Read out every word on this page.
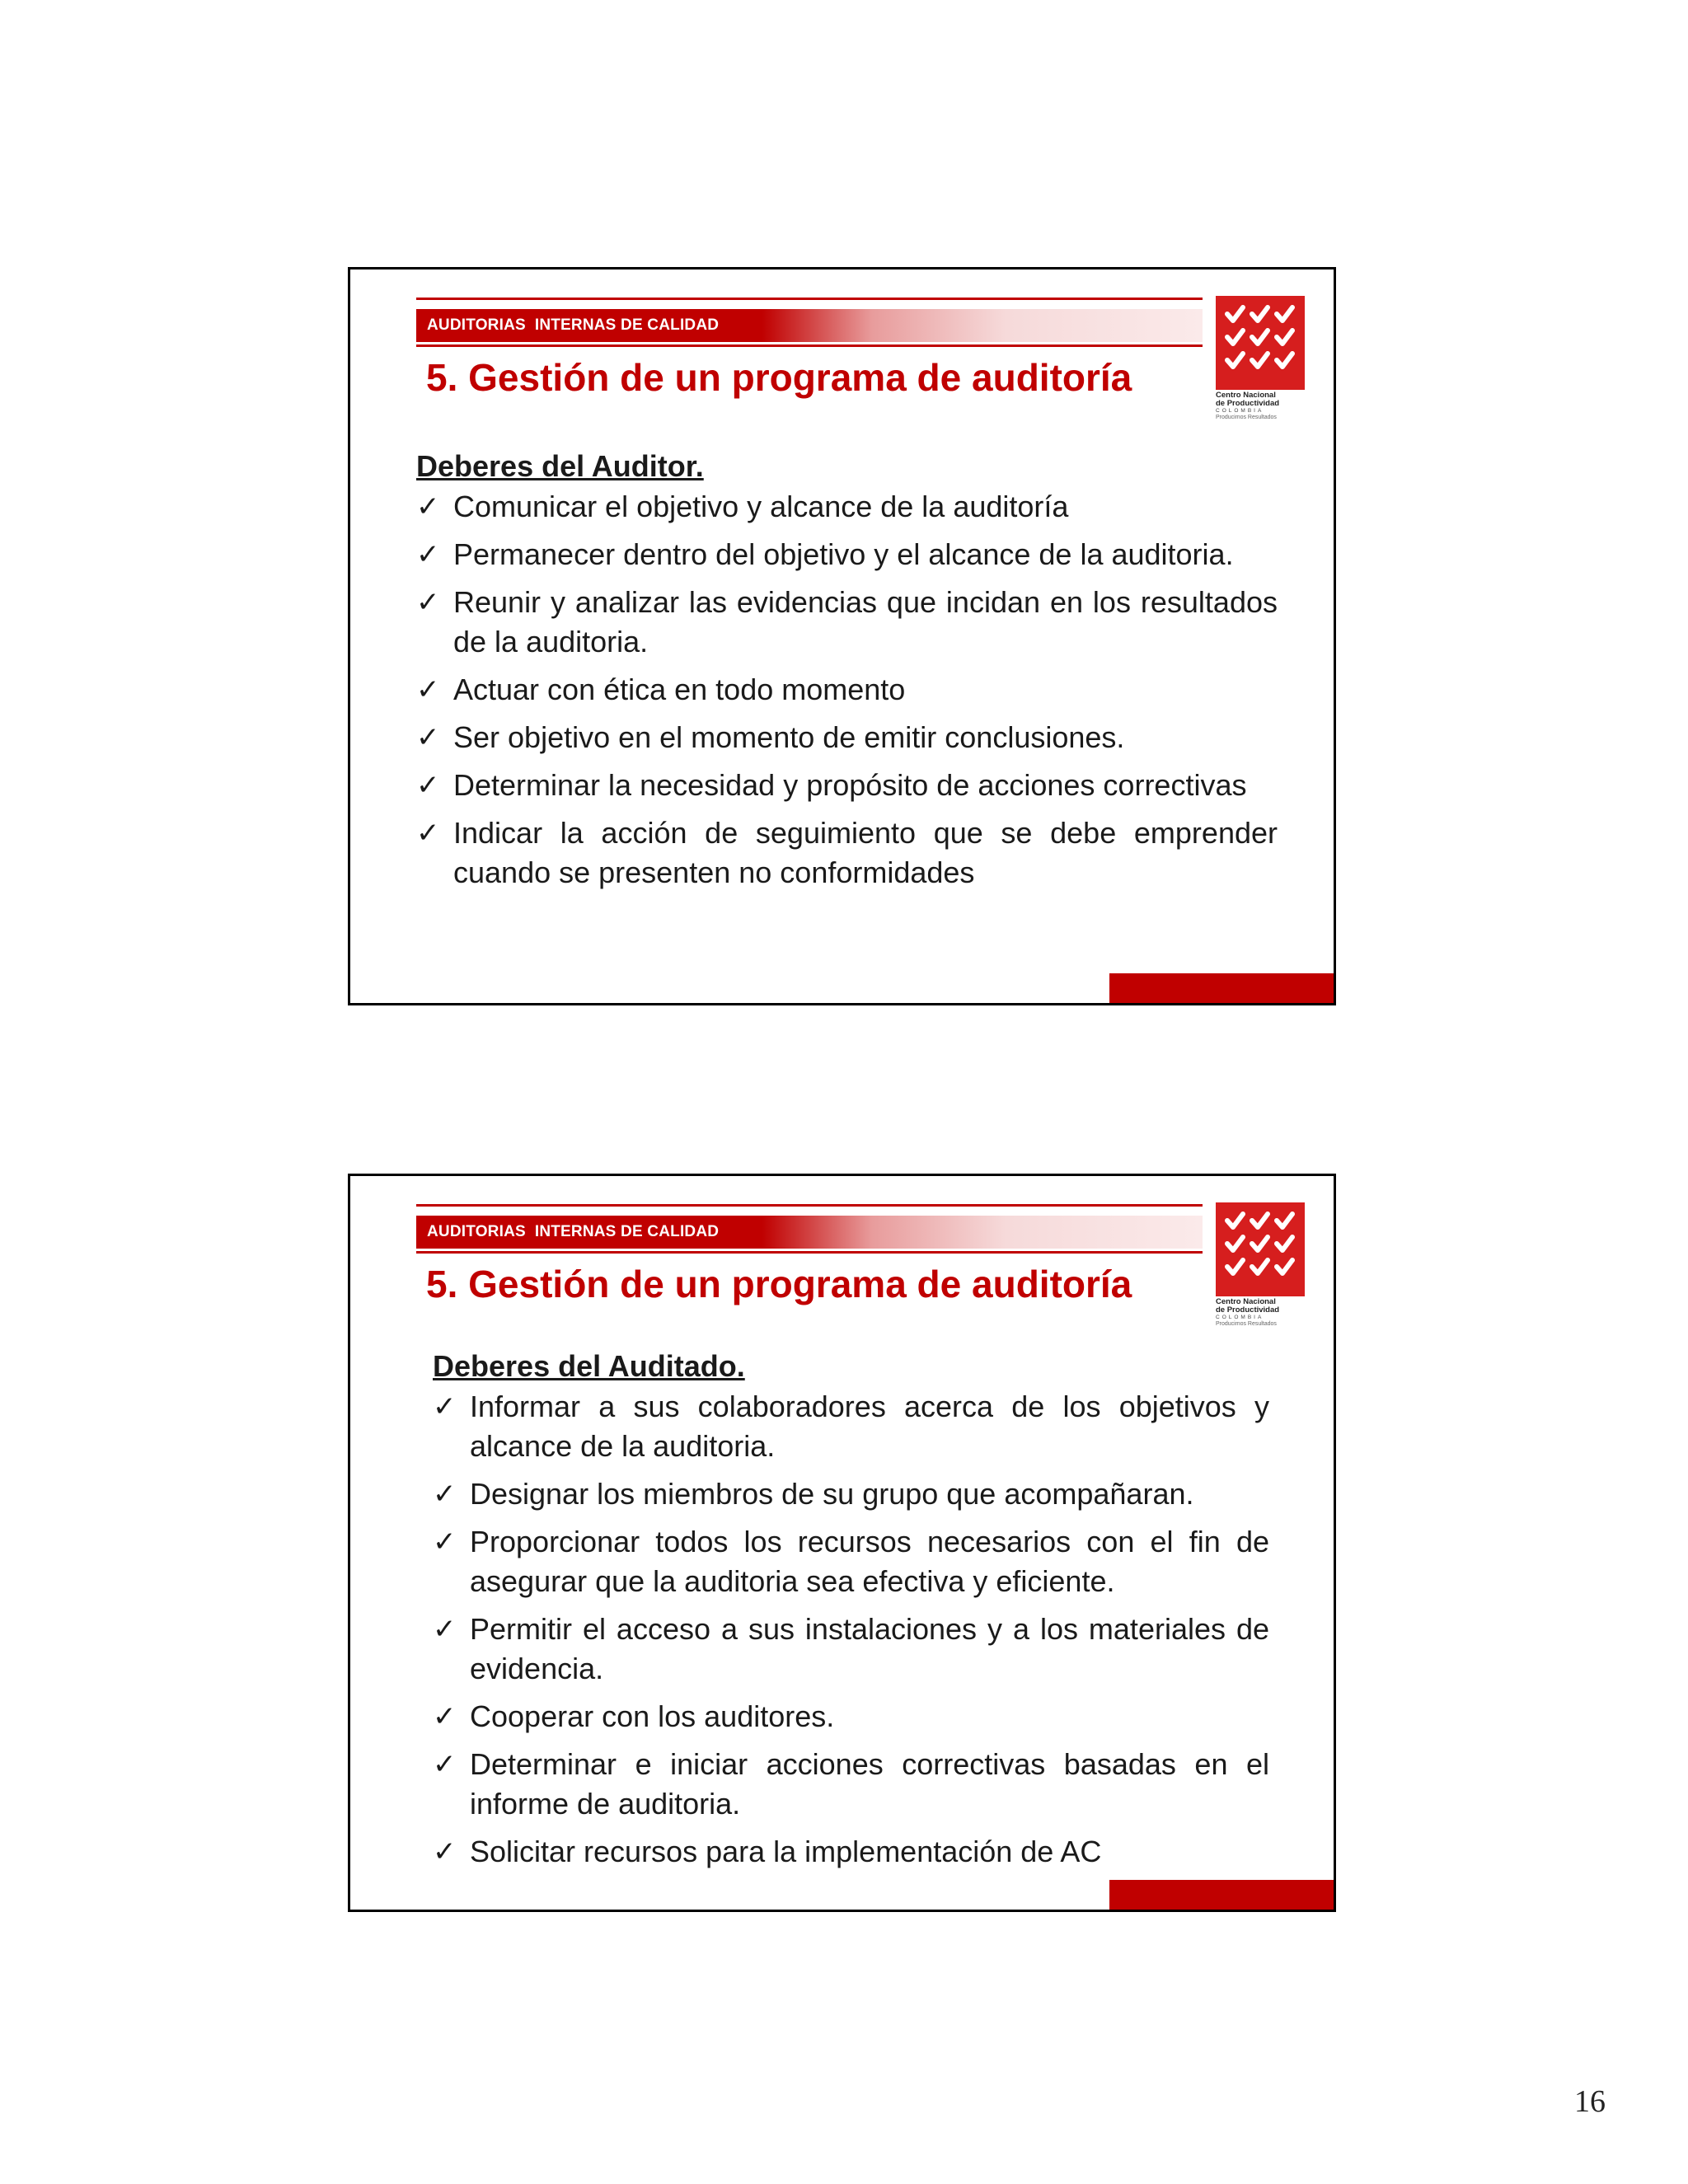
AUDITORIAS  INTERNAS DE CALIDAD
5. Gestión de un programa de auditoría	Centro Nacional
de Productividad
COLOMBIA
Producimos Resultados
Deberes del Auditor.
✓ Comunicar el objetivo y alcance de la auditoría
✓ Permanecer dentro del objetivo y el alcance de la auditoria.
✓ Reunir y analizar las evidencias que incidan en los resultados de la auditoria.
✓ Actuar con ética en todo momento
✓ Ser objetivo en el momento de emitir conclusiones.
✓ Determinar la necesidad y propósito de acciones correctivas
✓ Indicar la acción de seguimiento que se debe emprender cuando se presenten no conformidades
AUDITORIAS  INTERNAS DE CALIDAD
5. Gestión de un programa de auditoría	Centro Nacional
de Productividad
COLOMBIA
Producimos Resultados
Deberes del Auditado.
✓ Informar a sus colaboradores acerca de los objetivos y alcance de la auditoria.
✓ Designar los miembros de su grupo que acompañaran.
✓ Proporcionar todos los recursos necesarios con el fin de asegurar que la auditoria sea efectiva y eficiente.
✓ Permitir el acceso a sus instalaciones y a los materiales de evidencia.
✓ Cooperar con los auditores.
✓ Determinar e iniciar acciones correctivas basadas en el informe de auditoria.
✓ Solicitar recursos para la implementación de AC
16
